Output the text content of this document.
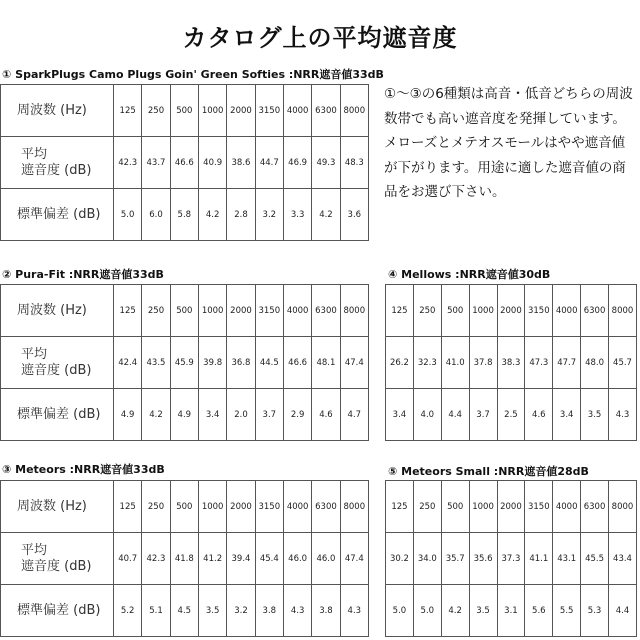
カタログ上の平均遮音度
① SparkPlugs Camo Plugs Goin' Green Softies :NRR遮音値33dB
周波数 (Hz)	125	250	500	1000	2000	3150	4000	6300	8000
平均
遮音度 (dB)	42.3	43.7	46.6	40.9	38.6	44.7	46.9	49.3	48.3
標準偏差 (dB)	5.0	6.0	5.8	4.2	2.8	3.2	3.3	4.2	3.6
①～③の6種類は高音・低音どちらの周波数帯でも高い遮音度を発揮しています。メローズとメテオスモールはやや遮音値が下がります。用途に適した遮音値の商品をお選び下さい。
② Pura-Fit :NRR遮音値33dB
周波数 (Hz)	125	250	500	1000	2000	3150	4000	6300	8000
平均
遮音度 (dB)	42.4	43.5	45.9	39.8	36.8	44.5	46.6	48.1	47.4
標準偏差 (dB)	4.9	4.2	4.9	3.4	2.0	3.7	2.9	4.6	4.7
④ Mellows :NRR遮音値30dB
125	250	500	1000	2000	3150	4000	6300	8000
26.2	32.3	41.0	37.8	38.3	47.3	47.7	48.0	45.7
3.4	4.0	4.4	3.7	2.5	4.6	3.4	3.5	4.3
③ Meteors :NRR遮音値33dB
周波数 (Hz)	125	250	500	1000	2000	3150	4000	6300	8000
平均
遮音度 (dB)	40.7	42.3	41.8	41.2	39.4	45.4	46.0	46.0	47.4
標準偏差 (dB)	5.2	5.1	4.5	3.5	3.2	3.8	4.3	3.8	4.3
⑤ Meteors Small :NRR遮音値28dB
125	250	500	1000	2000	3150	4000	6300	8000
30.2	34.0	35.7	35.6	37.3	41.1	43.1	45.5	43.4
5.0	5.0	4.2	3.5	3.1	5.6	5.5	5.3	4.4
